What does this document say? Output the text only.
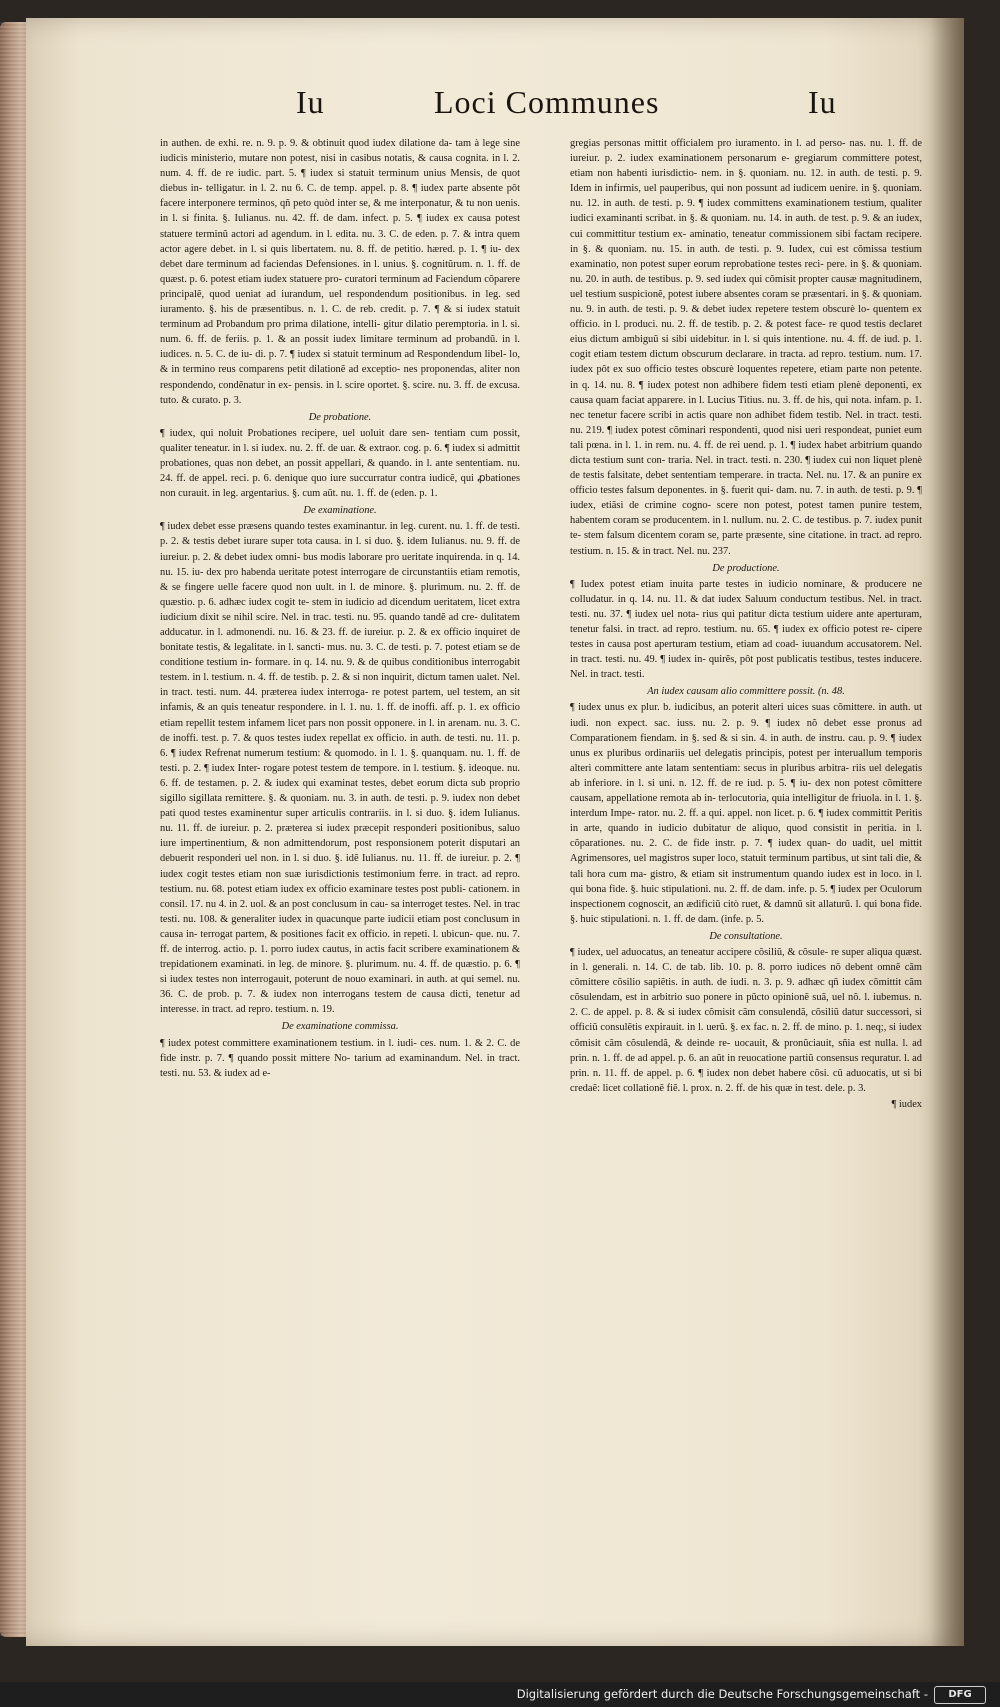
Iu	Loci Communes	Iu

in authen. de exhi. re. n. 9. p. 9. & obtinuit quod iudex dilatione da- tam à lege sine iudicis ministerio, mutare non potest, nisi in casibus notatis, & causa cognita. in l. 2. num. 4. ff. de re iudic. part. 5. ¶ iudex si statuit terminum unius Mensis, de quot diebus in- telligatur. in l. 2. nu 6. C. de temp. appel. p. 8. ¶ iudex parte absente pôt facere interponere terminos, qñ peto quòd inter se, & me interponatur, & tu non uenis. in l. si finita. §. Iulianus. nu. 42. ff. de dam. infect. p. 5. ¶ iudex ex causa potest statuere terminũ actori ad agendum. in l. edita. nu. 3. C. de eden. p. 7. & intra quem actor agere debet. in l. si quis libertatem. nu. 8. ff. de petitio. hæred. p. 1. ¶ iu- dex debet dare terminum ad faciendas Defensiones. in l. unius. §. cognitũrum. n. 1. ff. de quæst. p. 6. potest etiam iudex statuere pro- curatori terminum ad Faciendum cõparere principalẽ, quod ueniat ad iurandum, uel respondendum positionibus. in leg. sed iuramento. §. his de præsentibus. n. 1. C. de reb. credit. p. 7. ¶ & si iudex statuit terminum ad Probandum pro prima dilatione, intelli- gitur dilatio peremptoria. in l. si. num. 6. ff. de feriis. p. 1. & an possit iudex limitare terminum ad probandũ. in l. iudices. n. 5. C. de iu- di. p. 7. ¶ iudex si statuit terminum ad Respondendum libel- lo, & in termino reus comparens petit dilationẽ ad exceptio- nes proponendas, aliter non respondendo, condẽnatur in ex- pensis. in l. scire oportet. §. scire. nu. 3. ff. de excusa. tuto. & curato. p. 3.

De probatione.

¶ iudex, qui noluit Probationes recipere, uel uoluit dare sen- tentiam cum possit, qualiter teneatur. in l. si iudex. nu. 2. ff. de uar. & extraor. cog. p. 6. ¶ iudex si admittit probationes, quas non debet, an possit appellari, & quando. in l. ante sententiam. nu. 24. ff. de appel. reci. p. 6. denique quo iure succurratur contra iudicẽ, qui ꝓbationes non curauit. in leg. argentarius. §. cum aũt. nu. 1. ff. de (eden. p. 1.

De examinatione.

¶ iudex debet esse præsens quando testes examinantur. in leg. curent. nu. 1. ff. de testi. p. 2. & testis debet iurare super tota causa. in l. si duo. §. idem Iulianus. nu. 9. ff. de iureiur. p. 2. & debet iudex omni- bus modis laborare pro ueritate inquirenda. in q. 14. nu. 15. iu- dex pro habenda ueritate potest interrogare de circunstantiis etiam remotis, & se fingere uelle facere quod non uult. in l. de minore. §. plurimum. nu. 2. ff. de quæstio. p. 6. adhæc iudex cogit te- stem in iudicio ad dicendum ueritatem, licet extra iudicium dixit se nihil scire. Nel. in trac. testi. nu. 95. quando tandẽ ad cre- dulitatem adducatur. in l. admonendi. nu. 16. & 23. ff. de iureiur. p. 2. & ex officio inquiret de bonitate testis, & legalitate. in l. sancti- mus. nu. 3. C. de testi. p. 7. potest etiam se de conditione testium in- formare. in q. 14. nu. 9. & de quibus conditionibus interrogabit testem. in l. testium. n. 4. ff. de testib. p. 2. & si non inquirit, dictum tamen ualet. Nel. in tract. testi. num. 44. præterea iudex interroga- re potest partem, uel testem, an sit infamis, & an quis teneatur respondere. in l. 1. nu. 1. ff. de inoffi. aff. p. 1. ex officio etiam repellit testem infamem licet pars non possit opponere. in l. in arenam. nu. 3. C. de inoffi. test. p. 7. & quos testes iudex repellat ex officio. in auth. de testi. nu. 11. p. 6. ¶ iudex Refrenat numerum testium: & quomodo. in l. 1. §. quanquam. nu. 1. ff. de testi. p. 2. ¶ iudex Inter- rogare potest testem de tempore. in l. testium. §. ideoque. nu. 6. ff. de testamen. p. 2. & iudex qui examinat testes, debet eorum dicta sub proprio sigillo sigillata remittere. §. & quoniam. nu. 3. in auth. de testi. p. 9. iudex non debet pati quod testes examinentur super articulis contrariis. in l. si duo. §. idem Iulianus. nu. 11. ff. de iureiur. p. 2. præterea si iudex præcepit responderi positionibus, saluo iure impertinentium, & non admittendorum, post responsionem poterit disputari an debuerit responderi uel non. in l. si duo. §. idẽ Iulianus. nu. 11. ff. de iureiur. p. 2. ¶ iudex cogit testes etiam non suæ iurisdictionis testimonium ferre. in tract. ad repro. testium. nu. 68. potest etiam iudex ex officio examinare testes post publi- cationem. in consil. 17. nu 4. in 2. uol. & an post conclusum in cau- sa interroget testes. Nel. in trac testi. nu. 108. & generaliter iudex in quacunque parte iudicii etiam post conclusum in causa in- terrogat partem, & positiones facit ex officio. in repeti. l. ubicun- que. nu. 7. ff. de interrog. actio. p. 1. porro iudex cautus, in actis facit scribere examinationem & trepidationem examinati. in leg. de minore. §. plurimum. nu. 4. ff. de quæstio. p. 6. ¶ si iudex testes non interrogauit, poterunt de nouo examinari. in auth. at qui semel. nu. 36. C. de prob. p. 7. & iudex non interrogans testem de causa dicti, tenetur ad interesse. in tract. ad repro. testium. n. 19.

De examinatione commissa.

¶ iudex potest committere examinationem testium. in l. iudi- ces. num. 1. & 2. C. de fide instr. p. 7. ¶ quando possit mittere No- tarium ad examinandum. Nel. in tract. testi. nu. 53. & iudex ad e-

gregias personas mittit officialem pro iuramento. in l. ad perso- nas. nu. 1. ff. de iureiur. p. 2. iudex examinationem personarum e- gregiarum committere potest, etiam non habenti iurisdictio- nem. in §. quoniam. nu. 12. in auth. de testi. p. 9. Idem in infirmis, uel pauperibus, qui non possunt ad iudicem uenire. in §. quoniam. nu. 12. in auth. de testi. p. 9. ¶ iudex committens examinationem testium, qualiter iudici examinanti scribat. in §. & quoniam. nu. 14. in auth. de test. p. 9. & an iudex, cui committitur testium ex- aminatio, teneatur commissionem sibi factam recipere. in §. & quoniam. nu. 15. in auth. de testi. p. 9. Iudex, cui est cõmissa testium examinatio, non potest super eorum reprobatione testes reci- pere. in §. & quoniam. nu. 20. in auth. de testibus. p. 9. sed iudex qui cõmisit propter causæ magnitudinem, uel testium suspicionẽ, potest iubere absentes coram se præsentari. in §. & quoniam. nu. 9. in auth. de testi. p. 9. & debet iudex repetere testem obscurè lo- quentem ex officio. in l. produci. nu. 2. ff. de testib. p. 2. & potest face- re quod testis declaret eius dictum ambiguũ si sibi uidebitur. in l. si quis intentione. nu. 4. ff. de iud. p. 1. cogit etiam testem dictum obscurum declarare. in tracta. ad repro. testium. num. 17. iudex pôt ex suo officio testes obscurè loquentes repetere, etiam parte non petente. in q. 14. nu. 8. ¶ iudex potest non adhibere fidem testi etiam plenè deponenti, ex causa quam faciat apparere. in l. Lucius Titius. nu. 3. ff. de his, qui nota. infam. p. 1. nec tenetur facere scribi in actis quare non adhibet fidem testib. Nel. in tract. testi. nu. 219. ¶ iudex potest cõminari respondenti, quod nisi ueri respondeat, puniet eum tali pœna. in l. 1. in rem. nu. 4. ff. de rei uend. p. 1. ¶ iudex habet arbitrium quando dicta testium sunt con- traria. Nel. in tract. testi. n. 230. ¶ iudex cui non liquet plenè de testis falsitate, debet sententiam temperare. in tracta. Nel. nu. 17. & an punire ex officio testes falsum deponentes. in §. fuerit qui- dam. nu. 7. in auth. de testi. p. 9. ¶ iudex, etiãsi de crimine cogno- scere non potest, potest tamen punire testem, habentem coram se producentem. in l. nullum. nu. 2. C. de testibus. p. 7. iudex punit te- stem falsum dicentem coram se, parte præsente, sine citatione. in tract. ad repro. testium. n. 15. & in tract. Nel. nu. 237.

De productione.

¶ Iudex potest etiam inuita parte testes in iudicio nominare, & producere ne colludatur. in q. 14. nu. 11. & dat iudex Saluum conductum testibus. Nel. in tract. testi. nu. 37. ¶ iudex uel nota- rius qui patitur dicta testium uidere ante aperturam, tenetur falsi. in tract. ad repro. testium. nu. 65. ¶ iudex ex officio potest re- cipere testes in causa post aperturam testium, etiam ad coad- iuuandum accusatorem. Nel. in tract. testi. nu. 49. ¶ iudex in- quirẽs, pôt post publicatis testibus, testes inducere. Nel. in tract. testi.

An iudex causam alio committere possit. (n. 48.

¶ iudex unus ex plur. b. iudicibus, an poterit alteri uices suas cõmittere. in auth. ut iudi. non expect. sac. iuss. nu. 2. p. 9. ¶ iudex nõ debet esse pronus ad Comparationem fiendam. in §. sed & si sin. 4. in auth. de instru. cau. p. 9. ¶ iudex unus ex pluribus ordinariis uel delegatis principis, potest per interuallum temporis alteri committere ante latam sententiam: secus in pluribus arbitra- riis uel delegatis ab inferiore. in l. si uni. n. 12. ff. de re iud. p. 5. ¶ iu- dex non potest cõmittere causam, appellatione remota ab in- terlocutoria, quia intelligitur de friuola. in l. 1. §. interdum Impe- rator. nu. 2. ff. a qui. appel. non licet. p. 6. ¶ iudex committit Peritis in arte, quando in iudicio dubitatur de aliquo, quod consistit in peritia. in l. cõparationes. nu. 2. C. de fide instr. p. 7. ¶ iudex quan- do uadit, uel mittit Agrimensores, uel magistros super loco, statuit terminum partibus, ut sint tali die, & tali hora cum ma- gistro, & etiam sit instrumentum quando iudex est in loco. in l. qui bona fide. §. huic stipulationi. nu. 2. ff. de dam. infe. p. 5. ¶ iudex per Oculorum inspectionem cognoscit, an ædificiũ citò ruet, & damnũ sit allaturũ. l. qui bona fide. §. huic stipulationi. n. 1. ff. de dam. (infe. p. 5.

De consultatione.

¶ iudex, uel aduocatus, an teneatur accipere cõsiliũ, & cõsule- re super aliqua quæst. in l. generali. n. 14. C. de tab. lib. 10. p. 8. porro iudices nõ debent omnẽ cãm cõmittere cõsilio sapiẽtis. in auth. de iudi. n. 3. p. 9. adhæc qñ iudex cõmittit cãm cõsulendam, est in arbitrio suo ponere in pũcto opinionẽ suã, uel nõ. l. iubemus. n. 2. C. de appel. p. 8. & si iudex cõmisit cãm consulendã, cõsiliũ datur successori, si officiũ consulẽtis expirauit. in l. uerũ. §. ex fac. n. 2. ff. de mino. p. 1. neq;, si iudex cõmisit cãm cõsulendã, & deinde re- uocauit, & pronũciauit, sñia est nulla. l. ad prin. n. 1. ff. de ad appel. p. 6. an aũt in reuocatione partiũ consensus requratur. l. ad prin. n. 11. ff. de appel. p. 6. ¶ iudex non debet habere cõsi. cũ aduocatis, ut si bi credaẽ: licet collationẽ fiẽ. l. prox. n. 2. ff. de his quæ in test. dele. p. 3.

¶ iudex

Digitalisierung gefördert durch die Deutsche Forschungsgemeinschaft -	DFG
